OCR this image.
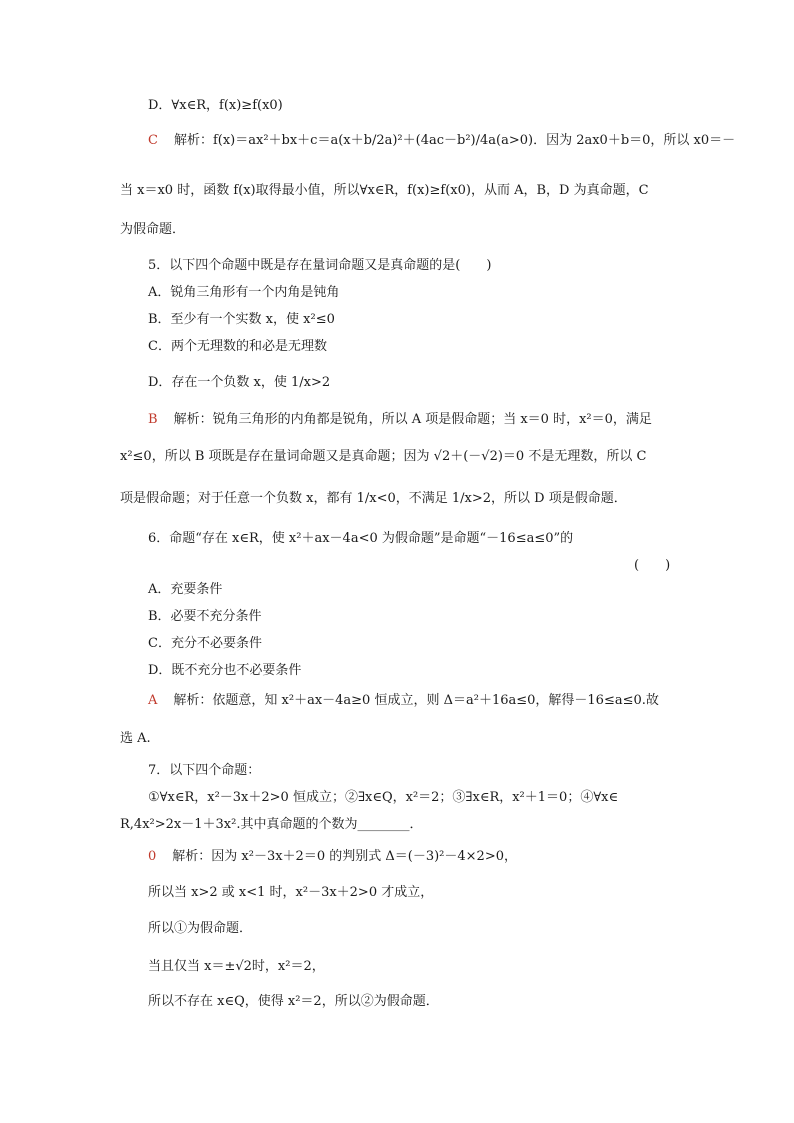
D．∀x∈R，f(x)≥f(x0)
C 解析：f(x)＝ax²＋bx＋c＝a(x＋b/2a)²＋(4ac－b²)/4a(a>0)．因为 2ax0＋b＝0，所以 x0＝－
当 x＝x0 时，函数 f(x)取得最小值，所以∀x∈R，f(x)≥f(x0)，从而 A，B，D 为真命题，C
为假命题．
5．以下四个命题中既是存在量词命题又是真命题的是(　　)
A．锐角三角形有一个内角是钝角
B．至少有一个实数 x，使 x²≤0
C．两个无理数的和必是无理数
D．存在一个负数 x，使 1/x>2
B 解析：锐角三角形的内角都是锐角，所以 A 项是假命题；当 x＝0 时，x²＝0，满足
x²≤0，所以 B 项既是存在量词命题又是真命题；因为 √2＋(－√2)＝0 不是无理数，所以 C
项是假命题；对于任意一个负数 x，都有 1/x<0，不满足 1/x>2，所以 D 项是假命题．
6．命题“存在 x∈R，使 x²＋ax－4a<0 为假命题”是命题“－16≤a≤0”的
(　　)
A．充要条件
B．必要不充分条件
C．充分不必要条件
D．既不充分也不必要条件
A 解析：依题意，知 x²＋ax－4a≥0 恒成立，则 Δ＝a²＋16a≤0，解得－16≤a≤0.故
选 A.
7．以下四个命题：
①∀x∈R，x²－3x＋2>0 恒成立；②∃x∈Q，x²＝2；③∃x∈R，x²＋1＝0；④∀x∈
R,4x²>2x－1＋3x².其中真命题的个数为________．
0 解析：因为 x²－3x＋2＝0 的判别式 Δ＝(－3)²－4×2>0，
所以当 x>2 或 x<1 时，x²－3x＋2>0 才成立，
所以①为假命题．
当且仅当 x＝±√2时，x²＝2，
所以不存在 x∈Q，使得 x²＝2，所以②为假命题．
